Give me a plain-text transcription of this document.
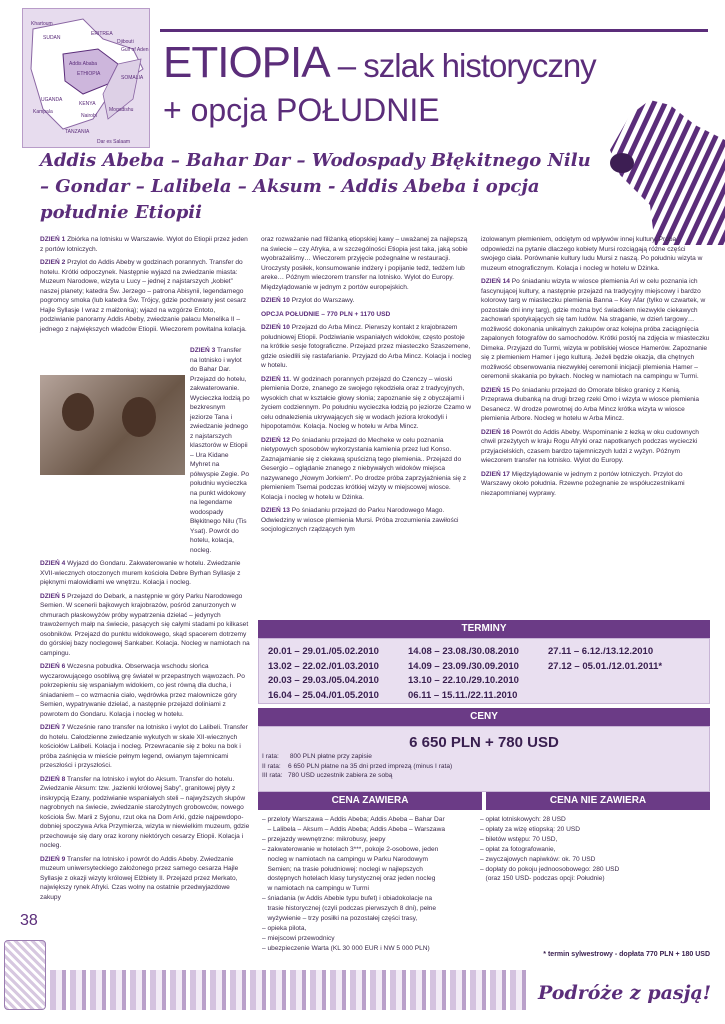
Khartoum
SUDAN
ERITREA
Gulf of Aden
Djibouti
Addis Ababa
ETHIOPIA
SOMALIA
UGANDA
KENYA
Nairobi
Mogadishu
TANZANIA
Dar es Salaam
Kampala
ETIOPIA – szlak historyczny
+ opcja POŁUDNIE
Addis Abeba – Bahar Dar – Wodospady Błękitnego Nilu
– Gondar – Lalibela – Aksum - Addis Abeba i opcja południe Etiopii

DZIEŃ 1 Zbiórka na lotnisku w Warszawie. Wylot do Etiopii przez jeden z portów lotniczych.

DZIEŃ 2 Przylot do Addis Abeby w godzinach porannych. Transfer do hotelu. Krótki odpoczynek. Następnie wyjazd na zwiedzanie miasta: Muzeum Narodowe, wizyta u Lucy – jednej z najstarszych „kobiet” naszej planety; katedra Św. Jerzego – patrona Abisynii, legendarnego pogromcy smoka (lub katedra Św. Trójcy, gdzie pochowany jest cesarz Hajle Syllasje I wraz z małżonką); wjazd na wzgórze Entoto, podziwianie panoramy Addis Abeby, zwiedzanie pałacu Menelika II – jednego z największych władców Etiopii. Wieczorem powitalna kolacja.

DZIEŃ 3 Transfer na lotnisko i wylot do Bahar Dar. Przejazd do hotelu, zakwaterowanie. Wycieczka łodzią po bezkresnym jeziorze Tana i zwiedzanie jednego z najstarszych klasztorów w Etiopii – Ura Kidane Myhret na półwyspie Zegie. Po południu wycieczka na punkt widokowy na legendarne wodospady Błękitnego Nilu (Tis Ysat). Powrót do hotelu, kolacja, nocleg.

DZIEŃ 4 Wyjazd do Gondaru. Zakwaterowanie w hotelu. Zwiedzanie XVII-wiecznych otoczonych murem kościoła Debre Byrhan Syllasje z pięknymi malowidłami we wnętrzu. Kolacja i nocleg.

DZIEŃ 5 Przejazd do Debark, a następnie w góry Parku Narodowego Semien. W scenerii bajkowych krajobrazów, pośród zanurzonych w chmurach płaskowyżów próby wypatrzenia dzielać – jedynych trawożernych małp na świecie, pasących się całymi stadami po kilkaset osobników. Przejazd do punktu widokowego, skąd spacerem dotrzemy do górskiej bazy noclegowej Sankaber. Kolacja. Nocleg w namiotach na campingu.

DZIEŃ 6 Wczesna pobudka. Obserwacja wschodu słońca wyczarowującego osobliwą grę świateł w przepastnych wąwozach. Po pokrzepieniu się wspaniałym widokiem, co jest równą dla ducha, i śniadaniem – co wzmacnia ciało, wędrówka przez malownicze góry Semien, wypatrywanie dzielać, a następnie przejazd doliniami z powrotem do Gondaru. Kolacja i nocleg w hotelu.

DZIEŃ 7 Wcześnie rano transfer na lotnisko i wylot do Lalibeli. Transfer do hotelu. Całodzienne zwiedzanie wykutych w skale XII-wiecznych kościołów Lalibeli. Kolacja i nocleg. Przewracanie się z boku na bok i próba zaśnięcia w mieście pełnym legend, owianym tajemnicami przeszłości i przyszłości.

DZIEŃ 8 Transfer na lotnisko i wylot do Aksum. Transfer do hotelu. Zwiedzanie Aksum: tzw. „łazienki królowej Saby”, granitowej płyty z inskrypcją Ezany, podziwianie wspaniałych steli – najwyższych słupów nagrobnych na świecie, zwiedzanie starożytnych grobowców, nowego kościoła Św. Marii z Syjonu, rzut oka na Dom Arki, gdzie najpewdopo-dobniej spoczywa Arka Przymierza, wizyta w niewielkim muzeum, gdzie przechowuje się dary oraz korony niektórych cesarzy Etiopii. Kolacja i nocleg.

DZIEŃ 9 Transfer na lotnisko i powrót do Addis Abeby. Zwiedzanie muzeum uniwersyteckiego założonego przez samego cesarza Hajle Syllasje z okazji wizyty królowej Elżbiety II. Przejazd przez Merkato, największy rynek Afryki. Czas wolny na ostatnie przedwyjazdowe zakupy

oraz rozważanie nad filiżanką etiopskiej kawy – uważanej za najlepszą na świecie – czy Afryka, a w szczególności Etiopia jest taka, jaką sobie wyobrażaliśmy… Wieczorem przyjęcie pożegnalne w restauracji. Uroczysty posiłek, konsumowanie indżery i popijanie tedż, tedżem lub areke… Późnym wieczorem transfer na lotnisko. Wylot do Europy. Międzylądowanie w jednym z portów europejskich.

DZIEŃ 10 Przylot do Warszawy.

OPCJA POŁUDNIE – 770 PLN + 1170 USD

DZIEŃ 10 Przejazd do Arba Mincz. Pierwszy kontakt z krajobrazem południowej Etiopii. Podziwianie wspaniałych widoków, często postoje na krótkie sesje fotograficzne. Przejazd przez miasteczko Szaszemene, gdzie osiedlili się rastafarianie. Przyjazd do Arba Mincz. Kolacja i nocleg w hotelu.

DZIEŃ 11. W godzinach porannych przejazd do Czenczy – wioski plemienia Dorze, znanego ze swojego rękodzieła oraz z tradycyjnych, wysokich chat w kształcie głowy słonia; zapoznanie się z obyczajami i życiem codziennym. Po południu wycieczka łodzią po jeziorze Czamo w celu odnalezienia ukrywających się w wodach jeziora krokodyli i hipopotamów. Kolacja. Nocleg w hotelu w Arba Mincz.

DZIEŃ 12 Po śniadaniu przejazd do Mecheke w celu poznania nietypowych sposobów wykorzystania kamienia przez lud Konso. Zaznajamianie się z ciekawą spuścizną tego plemienia.. Przejazd do Gesergio – oglądanie znanego z niebywałych widoków miejsca nazywanego „Nowym Jorkiem”. Po drodze próba zaprzyjaźnienia się z plemieniem Tsemai podczas krótkiej wizyty w miejscowej wiosce. Kolacja i nocleg w hotelu w Dżinka.

DZIEŃ 13 Po śniadaniu przejazd do Parku Narodowego Mago. Odwiedziny w wiosce plemienia Mursi. Próba zrozumienia zawiłości socjologicznych rządzących tym

izolowanym plemieniem, odciętym od wpływów innej kultury. Próba odpowiedzi na pytanie dlaczego kobiety Mursi rozciągają różne części swojego ciała. Porównanie kultury ludu Mursi z naszą. Po południu wizyta w muzeum etnograficznym. Kolacja i nocleg w hotelu w Dżinka.

DZIEŃ 14 Po śniadaniu wizyta w wiosce plemienia Ari w celu poznania ich fascynującej kultury, a następnie przejazd na tradycyjny miejscowy i bardzo kolorowy targ w miasteczku plemienia Banna – Key Afar (tylko w czwartek, w pozostałe dni inny targ), gdzie można być świadkiem niezwykle ciekawych zachowań spotykających się tam ludów. Na straganie, w dzień targowy… możliwość dokonania unikalnych zakupów oraz kolejna próba zaciągnięcia zapalonych fotografów do samochodów. Krótki postój na zdjęcia w miasteczku Dimeka. Przyjazd do Turmi, wizyta w pobliskiej wiosce Hamerów. Zapoznanie się z plemieniem Hamer i jego kulturą. Jeżeli będzie okazja, dla chętnych możliwość obserwowania niezwykłej ceremonii inicjacji plemienia Hamer – ceremonii skakania po bykach. Nocleg w namiotach na campingu w Turmi.

DZIEŃ 15 Po śniadaniu przejazd do Omorate blisko granicy z Kenią. Przeprawa dłubanką na drugi brzeg rzeki Omo i wizyta w wiosce plemienia Desanecz. W drodze powrotnej do Arba Mincz krótka wizyta w wiosce plemienia Arbore. Nocleg w hotelu w Arba Mincz.

DZIEŃ 16 Powrót do Addis Abeby. Wspominanie z łezką w oku cudownych chwil przeżytych w kraju Rogu Afryki oraz napotkanych podczas wycieczki przyjacielskich, czasem bardzo tajemniczych ludzi z wyżyn. Późnym wieczorem transfer na lotnisko. Wylot do Europy.

DZIEŃ 17 Międzylądowanie w jednym z portów lotniczych. Przylot do Warszawy około południa. Rzewne pożegnanie ze współuczestnikami niezapomnianej wyprawy.

TERMINY
20.01 – 29.01./05.02.2010
13.02 – 22.02./01.03.2010
20.03 – 29.03./05.04.2010
16.04 – 25.04./01.05.2010
14.08 – 23.08./30.08.2010
14.09 – 23.09./30.09.2010
13.10 – 22.10./29.10.2010
06.11 – 15.11./22.11.2010
27.11 – 6.12./13.12.2010
27.12 – 05.01./12.01.2011*
CENY
6 650 PLN + 780 USD
I rata:      800 PLN płatne przy zapisie
II rata:    6 650 PLN płatne na 35 dni przed imprezą (minus I rata)
III rata:   780 USD uczestnik zabiera ze sobą
CENA ZAWIERA	CENA NIE ZAWIERA
– przeloty Warszawa – Addis Abeba; Addis Abeba – Bahar Dar
– Lalibela – Aksum – Addis Abeba; Addis Abeba – Warszawa
– przejazdy wewnętrzne: mikrobusy, jeepy
– zakwaterowanie w hotelach 3***, pokoje 2-osobowe, jeden
nocleg w namiotach na campingu w Parku Narodowym
Semien; na trasie południowej: noclegi w najlepszych
dostępnych hotelach klasy turystycznej oraz jeden nocleg
w namiotach na campingu w Turmi
– śniadania (w Addis Abebie typu bufet) i obiadokolacje na
trasie historycznej (czyli podczas pierwszych 8 dni), pełne
wyżywienie – trzy posiłki na pozostałej części trasy,
– opieka pilota,
– miejscowi przewodnicy
– ubezpieczenie Warta (KL 30 000 EUR i NW 5 000 PLN)
– opłat lotniskowych: 28 USD
– opłaty za wizę etiopską: 20 USD
– biletów wstępu: 70 USD,
– opłat za fotografowanie,
– zwyczajowych napiwków: ok. 70 USD
– dopłaty do pokoju jednoosobowego: 280 USD
(oraz 150 USD- podczas opcji: Południe)
* termin sylwestrowy - dopłata 770 PLN + 180 USD
38
Podróże z pasją!
